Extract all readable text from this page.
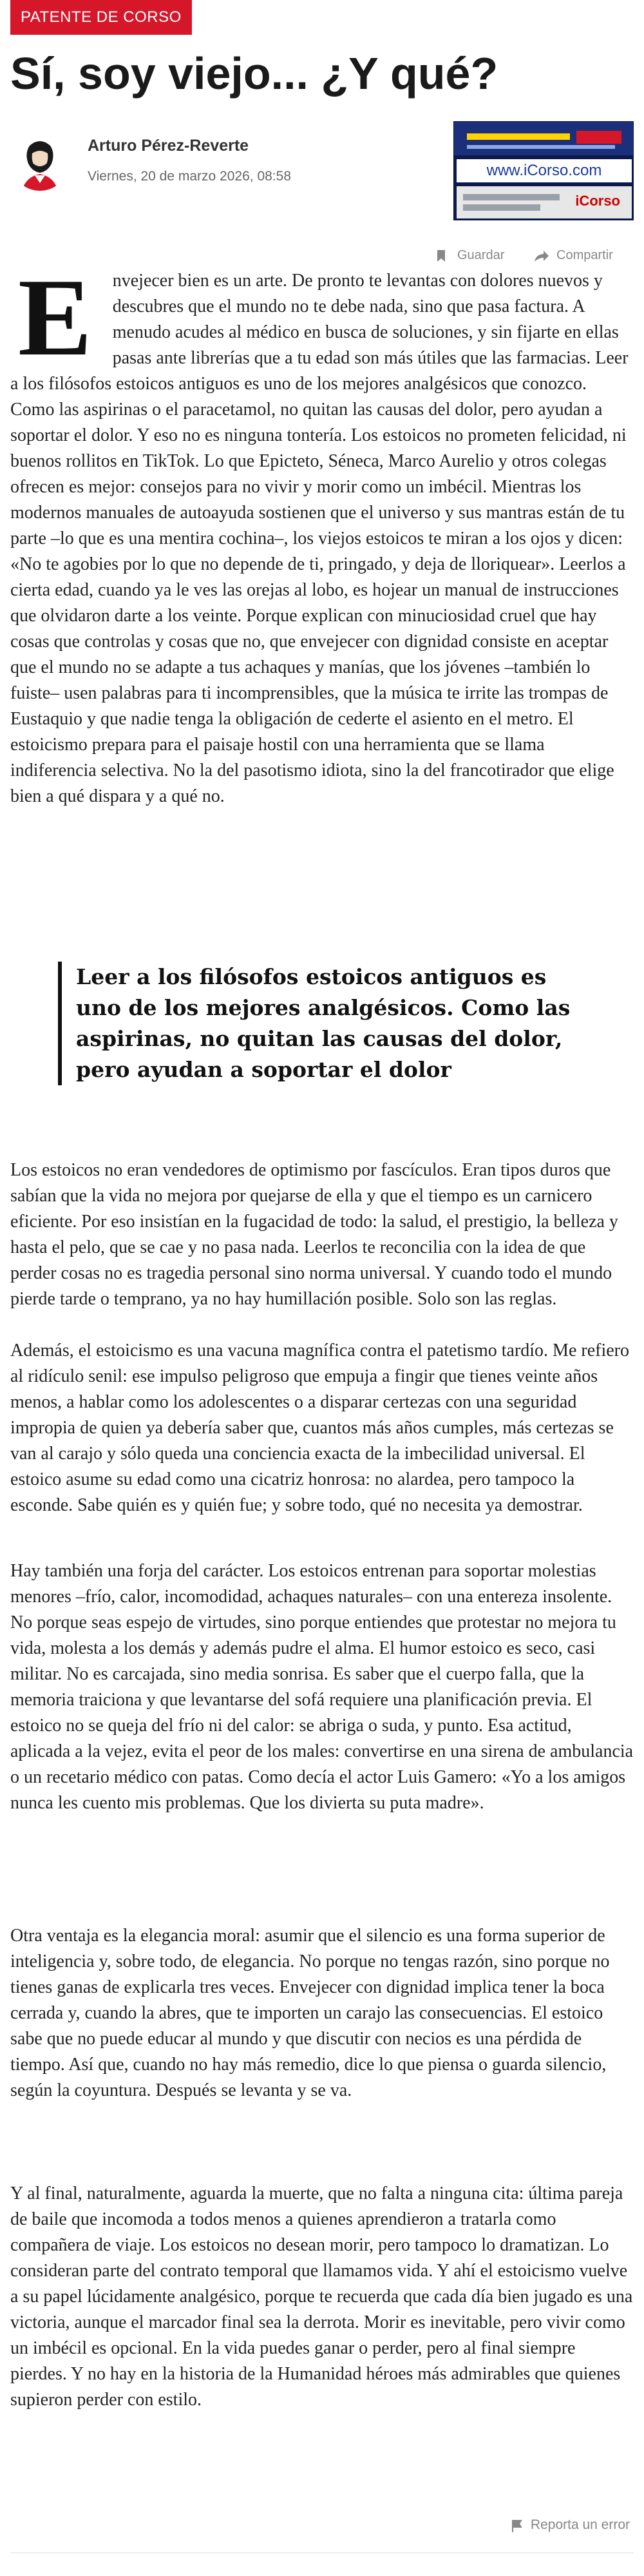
PATENTE DE CORSO
Sí, soy viejo... ¿Y qué?
Arturo Pérez-Reverte
Viernes, 20 de marzo 2026, 08:58	www.iCorso.com
iCorso
Guardar	Compartir
E	nvejecer bien es un arte. De pronto te levantas con dolores nuevos y descubres que el mundo no te debe nada, sino que pasa factura. A menudo acudes al médico en busca de soluciones, y sin fijarte en ellas pasas ante librerías que a tu edad son más útiles que las farmacias. Leer a los filósofos estoicos antiguos es uno de los mejores analgésicos que conozco. Como las aspirinas o el paracetamol, no quitan las causas del dolor, pero ayudan a soportar el dolor. Y eso no es ninguna tontería. Los estoicos no prometen felicidad, ni buenos rollitos en TikTok. Lo que Epicteto, Séneca, Marco Aurelio y otros colegas ofrecen es mejor: consejos para no vivir y morir como un imbécil. Mientras los modernos manuales de autoayuda sostienen que el universo y sus mantras están de tu parte –lo que es una mentira cochina–, los viejos estoicos te miran a los ojos y dicen: «No te agobies por lo que no depende de ti, pringado, y deja de lloriquear». Leerlos a cierta edad, cuando ya le ves las orejas al lobo, es hojear un manual de instrucciones que olvidaron darte a los veinte. Porque explican con minuciosidad cruel que hay cosas que controlas y cosas que no, que envejecer con dignidad consiste en aceptar que el mundo no se adapte a tus achaques y manías, que los jóvenes –también lo fuiste– usen palabras para ti incomprensibles, que la música te irrite las trompas de Eustaquio y que nadie tenga la obligación de cederte el asiento en el metro. El estoicismo prepara para el paisaje hostil con una herramienta que se llama indiferencia selectiva. No la del pasotismo idiota, sino la del francotirador que elige bien a qué dispara y a qué no.

Leer a los filósofos estoicos antiguos es uno de los mejores analgésicos. Como las aspirinas, no quitan las causas del dolor, pero ayudan a soportar el dolor

Los estoicos no eran vendedores de optimismo por fascículos. Eran tipos duros que sabían que la vida no mejora por quejarse de ella y que el tiempo es un carnicero eficiente. Por eso insistían en la fugacidad de todo: la salud, el prestigio, la belleza y hasta el pelo, que se cae y no pasa nada. Leerlos te reconcilia con la idea de que perder cosas no es tragedia personal sino norma universal. Y cuando todo el mundo pierde tarde o temprano, ya no hay humillación posible. Solo son las reglas.

Además, el estoicismo es una vacuna magnífica contra el patetismo tardío. Me refiero al ridículo senil: ese impulso peligroso que empuja a fingir que tienes veinte años menos, a hablar como los adolescentes o a disparar certezas con una seguridad impropia de quien ya debería saber que, cuantos más años cumples, más certezas se van al carajo y sólo queda una conciencia exacta de la imbecilidad universal. El estoico asume su edad como una cicatriz honrosa: no alardea, pero tampoco la esconde. Sabe quién es y quién fue; y sobre todo, qué no necesita ya demostrar.

Hay también una forja del carácter. Los estoicos entrenan para soportar molestias menores –frío, calor, incomodidad, achaques naturales– con una entereza insolente. No porque seas espejo de virtudes, sino porque entiendes que protestar no mejora tu vida, molesta a los demás y además pudre el alma. El humor estoico es seco, casi militar. No es carcajada, sino media sonrisa. Es saber que el cuerpo falla, que la memoria traiciona y que levantarse del sofá requiere una planificación previa. El estoico no se queja del frío ni del calor: se abriga o suda, y punto. Esa actitud, aplicada a la vejez, evita el peor de los males: convertirse en una sirena de ambulancia o un recetario médico con patas. Como decía el actor Luis Gamero: «Yo a los amigos nunca les cuento mis problemas. Que los divierta su puta madre».

Otra ventaja es la elegancia moral: asumir que el silencio es una forma superior de inteligencia y, sobre todo, de elegancia. No porque no tengas razón, sino porque no tienes ganas de explicarla tres veces. Envejecer con dignidad implica tener la boca cerrada y, cuando la abres, que te importen un carajo las consecuencias. El estoico sabe que no puede educar al mundo y que discutir con necios es una pérdida de tiempo. Así que, cuando no hay más remedio, dice lo que piensa o guarda silencio, según la coyuntura. Después se levanta y se va.

Y al final, naturalmente, aguarda la muerte, que no falta a ninguna cita: última pareja de baile que incomoda a todos menos a quienes aprendieron a tratarla como compañera de viaje. Los estoicos no desean morir, pero tampoco lo dramatizan. Lo consideran parte del contrato temporal que llamamos vida. Y ahí el estoicismo vuelve a su papel lúcidamente analgésico, porque te recuerda que cada día bien jugado es una victoria, aunque el marcador final sea la derrota. Morir es inevitable, pero vivir como un imbécil es opcional. En la vida puedes ganar o perder, pero al final siempre pierdes. Y no hay en la historia de la Humanidad héroes más admirables que quienes supieron perder con estilo.

Reporta un error
